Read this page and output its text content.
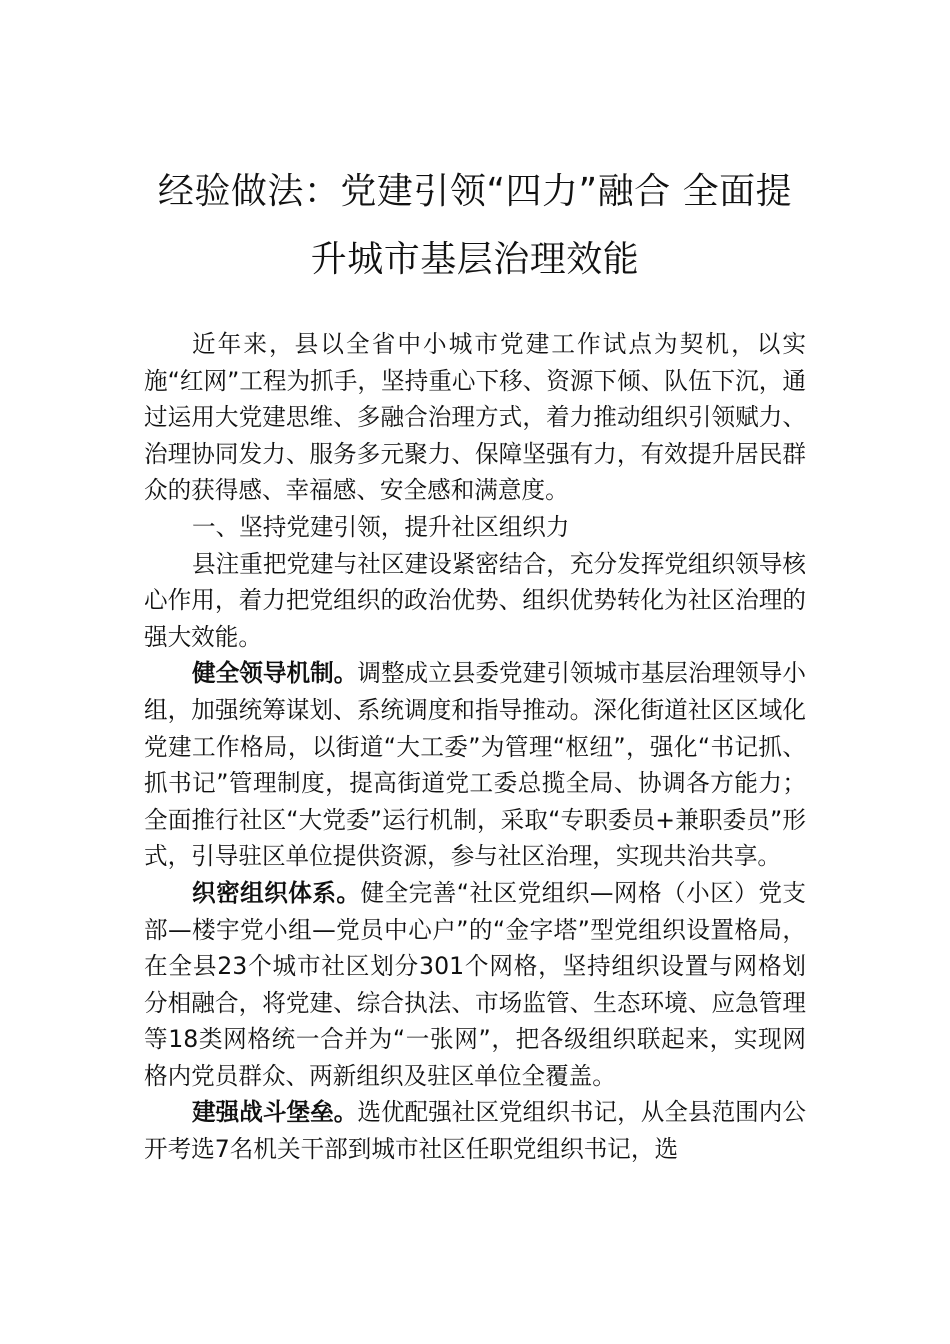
经验做法：党建引领“四力”融合 全面提升城市基层治理效能

近年来，县以全省中小城市党建工作试点为契机，以实施“红网”工程为抓手，坚持重心下移、资源下倾、队伍下沉，通过运用大党建思维、多融合治理方式，着力推动组织引领赋力、治理协同发力、服务多元聚力、保障坚强有力，有效提升居民群众的获得感、幸福感、安全感和满意度。

一、坚持党建引领，提升社区组织力

县注重把党建与社区建设紧密结合，充分发挥党组织领导核心作用，着力把党组织的政治优势、组织优势转化为社区治理的强大效能。

健全领导机制。调整成立县委党建引领城市基层治理领导小组，加强统筹谋划、系统调度和指导推动。深化街道社区区域化党建工作格局，以街道“大工委”为管理“枢纽”，强化“书记抓、抓书记”管理制度，提高街道党工委总揽全局、协调各方能力；全面推行社区“大党委”运行机制，采取“专职委员+兼职委员”形式，引导驻区单位提供资源，参与社区治理，实现共治共享。

织密组织体系。健全完善“社区党组织—网格（小区）党支部—楼宇党小组—党员中心户”的“金字塔”型党组织设置格局，在全县23个城市社区划分301个网格，坚持组织设置与网格划分相融合，将党建、综合执法、市场监管、生态环境、应急管理等18类网格统一合并为“一张网”，把各级组织联起来，实现网格内党员群众、两新组织及驻区单位全覆盖。

建强战斗堡垒。选优配强社区党组织书记，从全县范围内公开考选7名机关干部到城市社区任职党组织书记，选
